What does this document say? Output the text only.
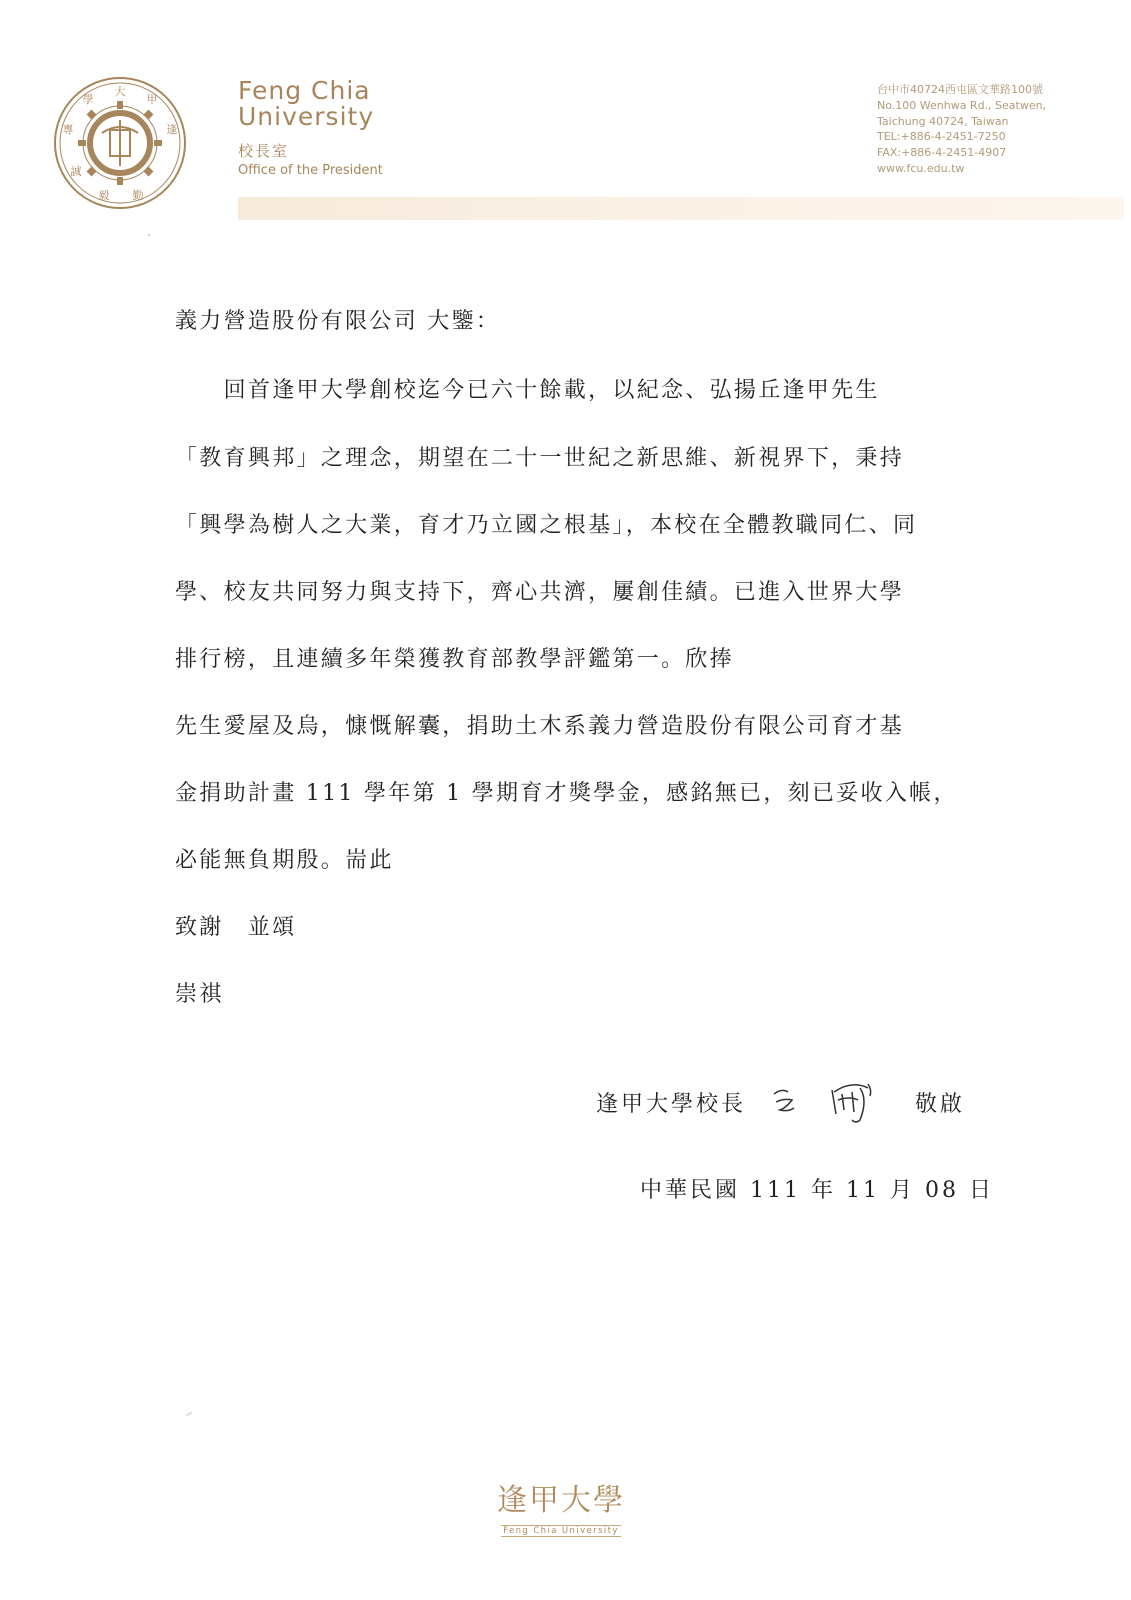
大
甲
逢
學
專
誠
毅 勤
Feng Chia
University
校長室
Office of the President
台中市40724西屯區文華路100號
No.100 Wenhwa Rd., Seatwen,
Taichung 40724, Taiwan
TEL:+886-4-2451-7250
FAX:+886-4-2451-4907
www.fcu.edu.tw
義力營造股份有限公司 大鑒：
　　回首逢甲大學創校迄今已六十餘載，以紀念、弘揚丘逢甲先生
「教育興邦」之理念，期望在二十一世紀之新思維、新視界下，秉持
「興學為樹人之大業，育才乃立國之根基」，本校在全體教職同仁、同
學、校友共同努力與支持下，齊心共濟，屢創佳績。已進入世界大學
排行榜，且連續多年榮獲教育部教學評鑑第一。欣捧
先生愛屋及烏，慷慨解囊，捐助土木系義力營造股份有限公司育才基
金捐助計畫 111 學年第 1 學期育才獎學金，感銘無已，刻已妥收入帳，
必能無負期殷。耑此
致謝　並頌
崇祺
逢甲大學校長	敬啟
中華民國 111 年 11 月 08 日
逢甲大學
Feng Chia University
